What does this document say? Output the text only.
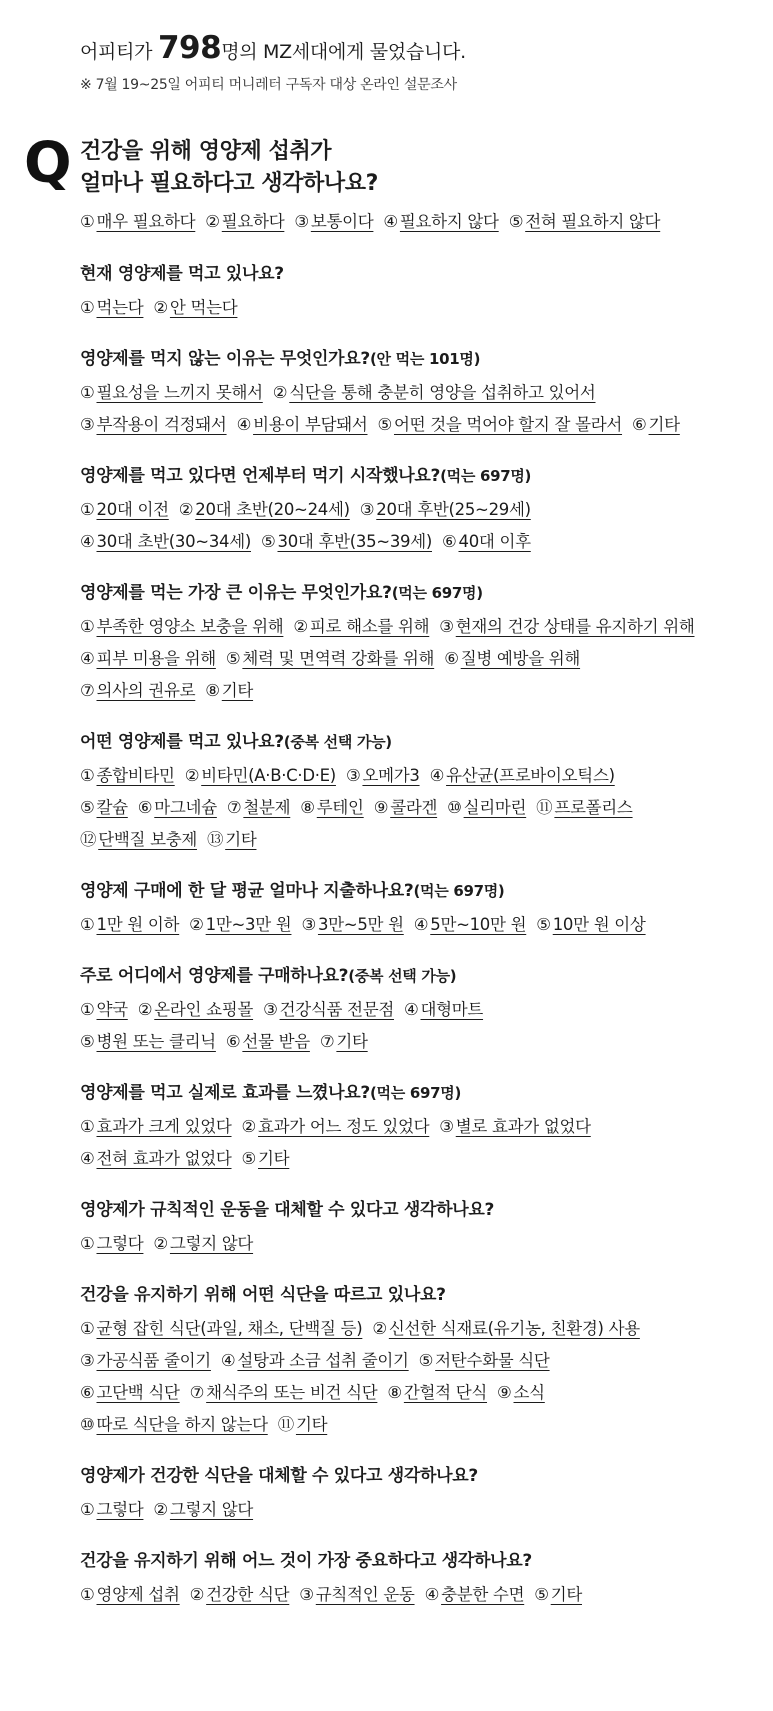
어피티가 798명의 MZ세대에게 물었습니다.
※ 7월 19~25일 어피티 머니레터 구독자 대상 온라인 설문조사
Q 건강을 위해 영양제 섭취가
얼마나 필요하다고 생각하나요?
① 매우 필요하다 ② 필요하다 ③ 보통이다 ④ 필요하지 않다 ⑤ 전혀 필요하지 않다
현재 영양제를 먹고 있나요?
① 먹는다 ② 안 먹는다
영양제를 먹지 않는 이유는 무엇인가요?(안 먹는 101명)
① 필요성을 느끼지 못해서 ② 식단을 통해 충분히 영양을 섭취하고 있어서
③ 부작용이 걱정돼서 ④ 비용이 부담돼서 ⑤ 어떤 것을 먹어야 할지 잘 몰라서 ⑥ 기타
영양제를 먹고 있다면 언제부터 먹기 시작했나요?(먹는 697명)
① 20대 이전 ② 20대 초반(20~24세) ③ 20대 후반(25~29세)
④ 30대 초반(30~34세) ⑤ 30대 후반(35~39세) ⑥ 40대 이후
영양제를 먹는 가장 큰 이유는 무엇인가요?(먹는 697명)
① 부족한 영양소 보충을 위해 ② 피로 해소를 위해 ③ 현재의 건강 상태를 유지하기 위해
④ 피부 미용을 위해 ⑤ 체력 및 면역력 강화를 위해 ⑥ 질병 예방을 위해
⑦ 의사의 권유로 ⑧ 기타
어떤 영양제를 먹고 있나요?(중복 선택 가능)
① 종합비타민 ② 비타민(A·B·C·D·E) ③ 오메가3 ④ 유산균(프로바이오틱스)
⑤ 칼슘 ⑥ 마그네슘 ⑦ 철분제 ⑧ 루테인 ⑨ 콜라겐 ⑩ 실리마린 ⑪ 프로폴리스
⑫ 단백질 보충제 ⑬ 기타
영양제 구매에 한 달 평균 얼마나 지출하나요?(먹는 697명)
① 1만 원 이하 ② 1만~3만 원 ③ 3만~5만 원 ④ 5만~10만 원 ⑤ 10만 원 이상
주로 어디에서 영양제를 구매하나요?(중복 선택 가능)
① 약국 ② 온라인 쇼핑몰 ③ 건강식품 전문점 ④ 대형마트
⑤ 병원 또는 클리닉 ⑥ 선물 받음 ⑦ 기타
영양제를 먹고 실제로 효과를 느꼈나요?(먹는 697명)
① 효과가 크게 있었다 ② 효과가 어느 정도 있었다 ③ 별로 효과가 없었다
④ 전혀 효과가 없었다 ⑤ 기타
영양제가 규칙적인 운동을 대체할 수 있다고 생각하나요?
① 그렇다 ② 그렇지 않다
건강을 유지하기 위해 어떤 식단을 따르고 있나요?
① 균형 잡힌 식단(과일, 채소, 단백질 등) ② 신선한 식재료(유기농, 친환경) 사용
③ 가공식품 줄이기 ④ 설탕과 소금 섭취 줄이기 ⑤ 저탄수화물 식단
⑥ 고단백 식단 ⑦ 채식주의 또는 비건 식단 ⑧ 간헐적 단식 ⑨ 소식
⑩ 따로 식단을 하지 않는다 ⑪ 기타
영양제가 건강한 식단을 대체할 수 있다고 생각하나요?
① 그렇다 ② 그렇지 않다
건강을 유지하기 위해 어느 것이 가장 중요하다고 생각하나요?
① 영양제 섭취 ② 건강한 식단 ③ 규칙적인 운동 ④ 충분한 수면 ⑤ 기타
